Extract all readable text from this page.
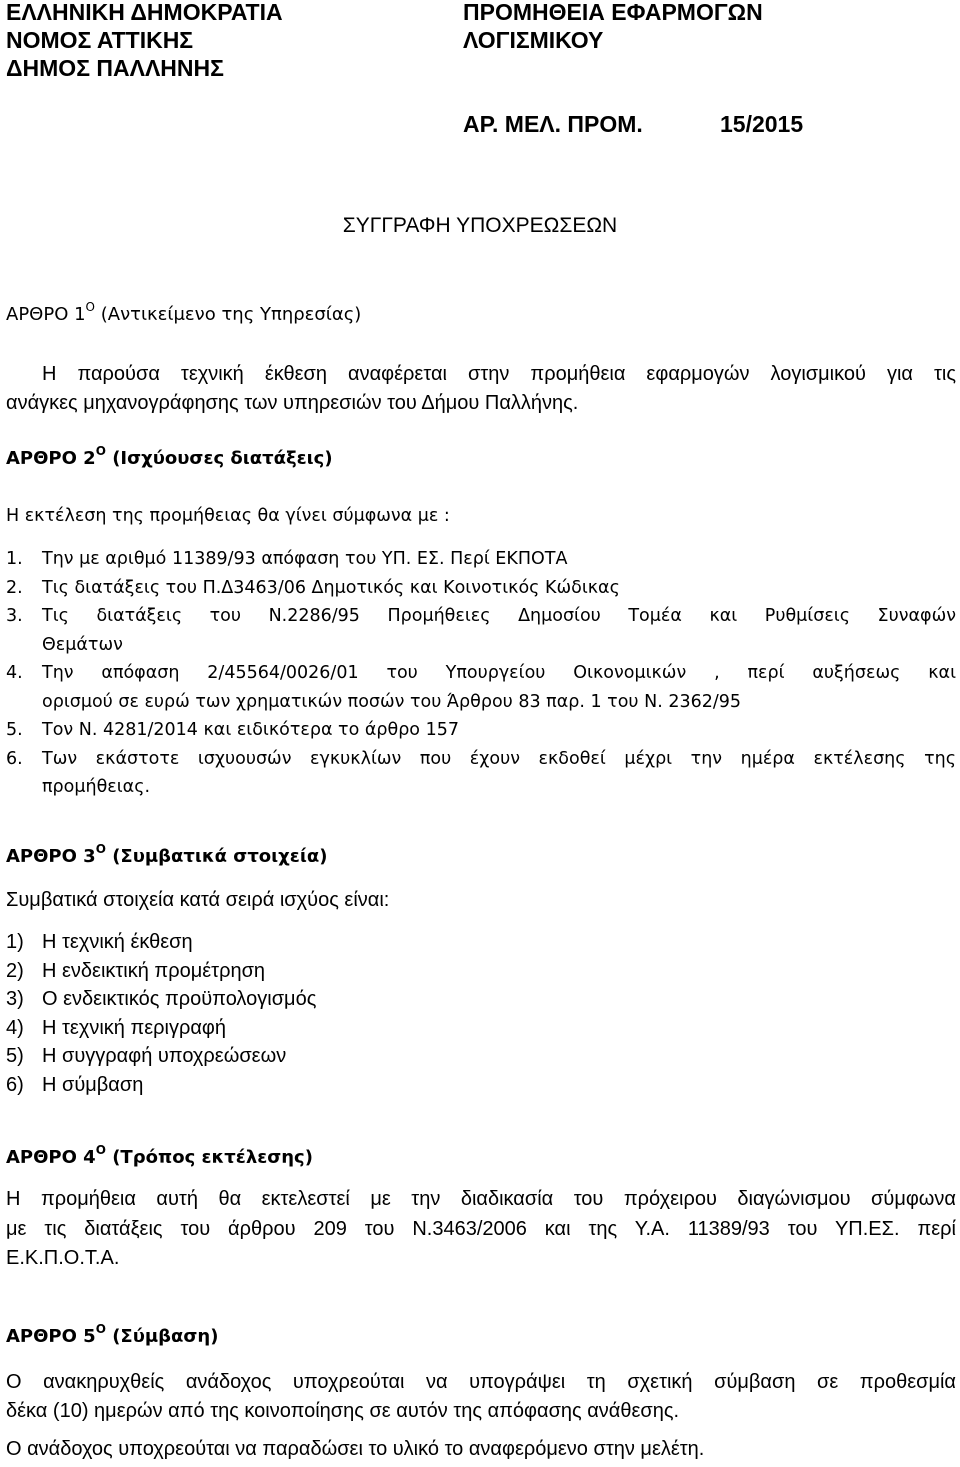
ΕΛΛΗΝΙΚΗ ΔΗΜΟΚΡΑΤΙΑ
ΝΟΜΟΣ ΑΤΤΙΚΗΣ
ΔΗΜΟΣ ΠΑΛΛΗΝΗΣ
ΠΡΟΜΗΘΕΙΑ ΕΦΑΡΜΟΓΩΝ
ΛΟΓΙΣΜΙΚΟΥ
ΑΡ. ΜΕΛ. ΠΡΟΜ.	15/2015
ΣΥΓΓΡΑΦΗ ΥΠΟΧΡΕΩΣΕΩΝ
ΑΡΘΡΟ $1^O$ (Αντικείμενο της Υπηρεσίας)
Η παρούσα τεχνική έκθεση αναφέρεται στην προμήθεια εφαρμογών λογισμικού για τις
ανάγκες μηχανογράφησης των υπηρεσιών του Δήμου Παλλήνης.
ΑΡΘΡΟ $2^O$ (Ισχύουσες διατάξεις)
Η εκτέλεση της προμήθειας θα γίνει σύμφωνα με :
1. Την με αριθμό 11389/93 απόφαση του ΥΠ. ΕΣ. Περί ΕΚΠΟΤΑ
2. Τις διατάξεις του Π.Δ3463/06 Δημοτικός και Κοινοτικός Κώδικας
3. Τις διατάξεις του Ν.2286/95 Προμήθειες Δημοσίου Τομέα και Ρυθμίσεις Συναφών
Θεμάτων
4. Την απόφαση 2/45564/0026/01 του Υπουργείου Οικονομικών , περί αυξήσεως και
ορισμού σε ευρώ των χρηματικών ποσών του Άρθρου 83 παρ. 1 του Ν. 2362/95
5. Τον Ν. 4281/2014 και ειδικότερα το άρθρο 157
6. Των εκάστοτε ισχυουσών εγκυκλίων που έχουν εκδοθεί μέχρι την ημέρα εκτέλεσης της
προμήθειας.
ΑΡΘΡΟ $3^O$ (Συμβατικά στοιχεία)
Συμβατικά στοιχεία κατά σειρά ισχύος είναι:
1) Η τεχνική έκθεση
2) Η ενδεικτική προμέτρηση
3) Ο ενδεικτικός προϋπολογισμός
4) Η τεχνική περιγραφή
5) Η συγγραφή υποχρεώσεων
6) Η σύμβαση
ΑΡΘΡΟ $4^O$ (Τρόπος εκτέλεσης)
Η προμήθεια αυτή θα εκτελεστεί με την διαδικασία του πρόχειρου διαγώνισμου σύμφωνα
με τις διατάξεις του άρθρου 209 του Ν.3463/2006 και της Υ.Α. 11389/93 του ΥΠ.ΕΣ. περί
Ε.Κ.Π.Ο.Τ.Α.
ΑΡΘΡΟ $5^O$ (Σύμβαση)
Ο ανακηρυχθείς ανάδοχος υποχρεούται να υπογράψει τη σχετική σύμβαση σε προθεσμία
δέκα (10) ημερών από της κοινοποίησης σε αυτόν της απόφασης ανάθεσης.
Ο ανάδοχος υποχρεούται να παραδώσει το υλικό το αναφερόμενο στην μελέτη.
